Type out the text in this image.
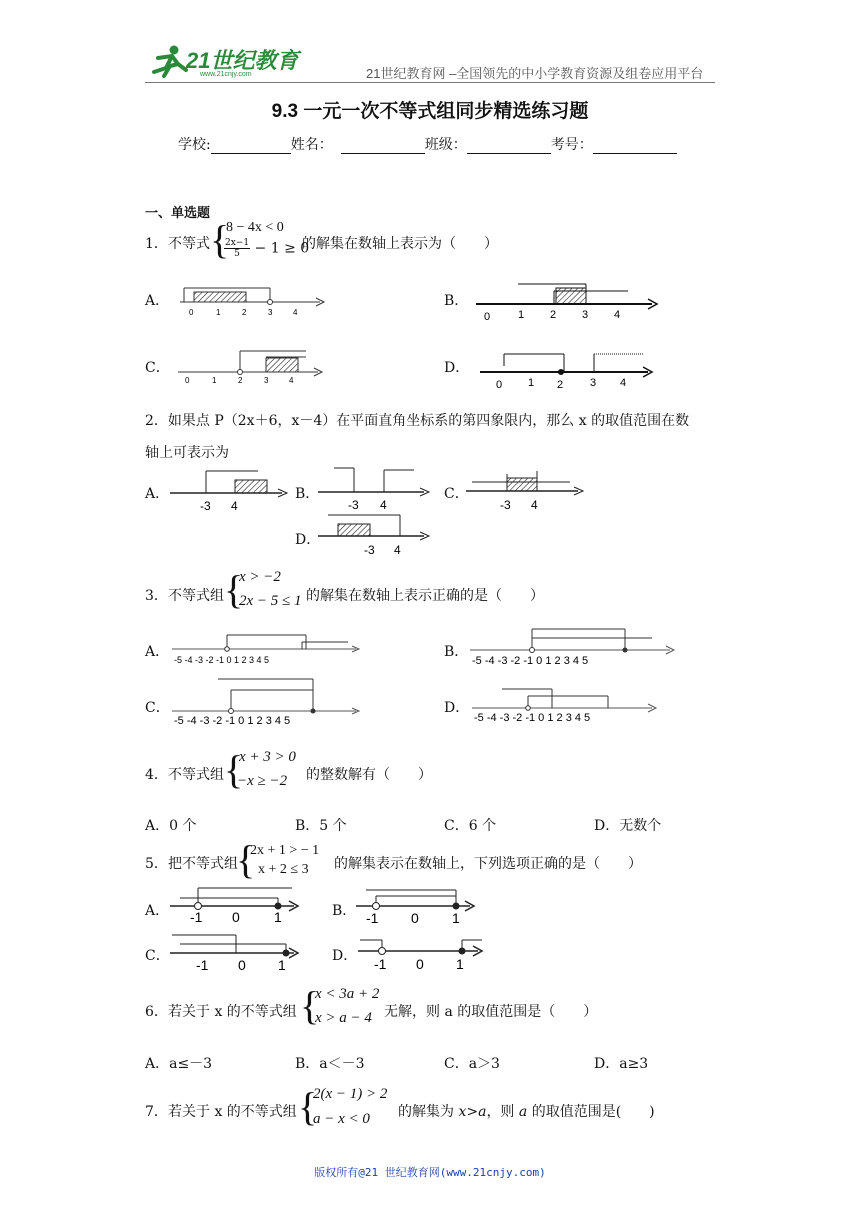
21世纪教育
www.21cnjy.com	21世纪教育网 –全国领先的中小学教育资源及组卷应用平台
9.3 一元一次不等式组同步精选练习题
学校:	姓名：	班级：	考号：
一、单选题
1． 不等式 {
8 − 4x < 0
$\frac{2x-1}{5} - 1 \ge 0$
的解集在数轴上表示为（　　）
A．
0	1	2	3	4
B．
0	1 2 3 4
C．
0	1	2	3	4
D．
0 1 2 3 4
2．如果点 P（2x＋6，x－4）在平面直角坐标系的第四象限内，那么 x 的取值范围在数
轴上可表示为
A．
-3 4
B．
-3 4
C．
-3 4
D．
-3 4
3． 不等式组 {
x > −2
2x − 5 ≤ 1 的解集在数轴上表示正确的是（　　）
A． -5 -4 -3 -2 -1 0 1 2 3 4 5	B．
-5 -4 -3 -2 -1 0 1 2 3 4 5
C．
-5 -4 -3 -2 -1 0 1 2 3 4 5
D．
-5 -4 -3 -2 -1 0 1 2 3 4 5
4． 不等式组 {
x + 3 > 0
−x ≥ −2 的整数解有（　　）
A．0 个	B．5 个	C．6 个	D．无数个
5． 把不等式组
{
2x + 1 > − 1
x + 2 ≤ 3 的解集表示在数轴上，下列选项正确的是（　　）
A． -1 0 1	B． -1 0 1
C．
-1 0 1
D． -1 0 1
6． 若关于 x 的不等式组 {
x < 3a + 2
x > a − 4 无解，则 a 的取值范围是（　　）
A．a≤－3	B．a＜－3	C．a＞3	D．a≥3
7． 若关于 x 的不等式组 {
2(x − 1) > 2
a − x < 0 的解集为 x>a，则 a 的取值范围是(　　)
版权所有@21 世纪教育网(www.21cnjy.com)
